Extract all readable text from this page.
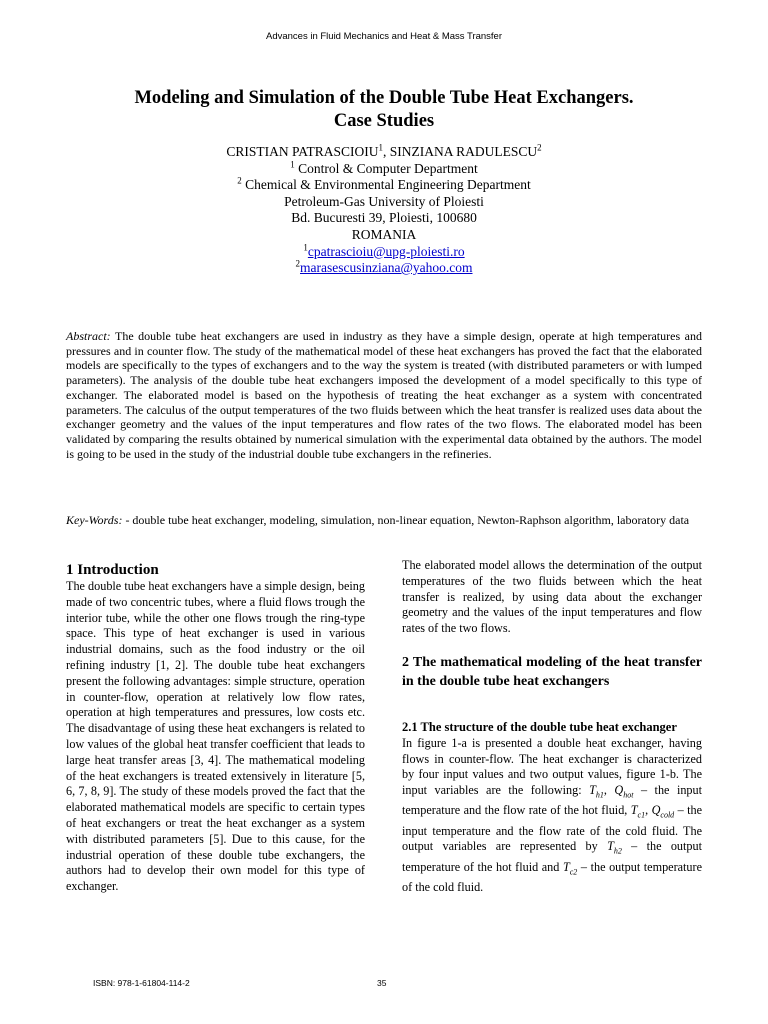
Advances in Fluid Mechanics and Heat & Mass Transfer
Modeling and Simulation of the Double Tube Heat Exchangers.
Case Studies
CRISTIAN PATRASCIOIU$^1$, SINZIANA RADULESCU$^2$
$^1$ Control & Computer Department
$^2$ Chemical & Environmental Engineering Department
Petroleum-Gas University of Ploiesti
Bd. Bucuresti 39, Ploiesti, 100680
ROMANIA
$^1$cpatrascioiu@upg-ploiesti.ro
$^2$marasescusinziana@yahoo.com
Abstract: The double tube heat exchangers are used in industry as they have a simple design, operate at high temperatures and pressures and in counter flow. The study of the mathematical model of these heat exchangers has proved the fact that the elaborated models are specifically to the types of exchangers and to the way the system is treated (with distributed parameters or with lumped parameters). The analysis of the double tube heat exchangers imposed the development of a model specifically to this type of exchanger. The elaborated model is based on the hypothesis of treating the heat exchanger as a system with concentrated parameters. The calculus of the output temperatures of the two fluids between which the heat transfer is realized uses data about the exchanger geometry and the values of the input temperatures and flow rates of the two flows. The elaborated model has been validated by comparing the results obtained by numerical simulation with the experimental data obtained by the authors. The model is going to be used in the study of the industrial double tube exchangers in the refineries.
Key-Words: - double tube heat exchanger, modeling, simulation, non-linear equation, Newton-Raphson algorithm, laboratory data
1 Introduction

The double tube heat exchangers have a simple design, being made of two concentric tubes, where a fluid flows trough the interior tube, while the other one flows trough the ring-type space. This type of heat exchanger is used in various industrial domains, such as the food industry or the oil refining industry [1, 2]. The double tube heat exchangers present the following advantages: simple structure, operation in counter-flow, operation at relatively low flow rates, operation at high temperatures and pressures, low costs etc. The disadvantage of using these heat exchangers is related to low values of the global heat transfer coefficient that leads to large heat transfer areas [3, 4]. The mathematical modeling of the heat exchangers is treated extensively in literature [5, 6, 7, 8, 9]. The study of these models proved the fact that the elaborated mathematical models are specific to certain types of heat exchangers or treat the heat exchanger as a system with distributed parameters [5]. Due to this cause, for the industrial operation of these double tube exchangers, the authors had to develop their own model for this type of exchanger.

The elaborated model allows the determination of the output temperatures of the two fluids between which the heat transfer is realized, by using data about the exchanger geometry and the values of the input temperatures and flow rates of the two flows.

2 The mathematical modeling of the heat transfer in the double tube heat exchangers
2.1 The structure of the double tube heat exchanger

In figure 1-a is presented a double heat exchanger, having flows in counter-flow. The heat exchanger is characterized by four input values and two output values, figure 1-b. The input variables are the following: $T_{h1}$, $Q_{hot}$ – the input temperature and the flow rate of the hot fluid, $T_{c1}$, $Q_{cold}$ – the input temperature and the flow rate of the cold fluid. The output variables are represented by $T_{h2}$ – the output temperature of the hot fluid and $T_{c2}$ – the output temperature of the cold fluid.

ISBN: 978-1-61804-114-2	35
